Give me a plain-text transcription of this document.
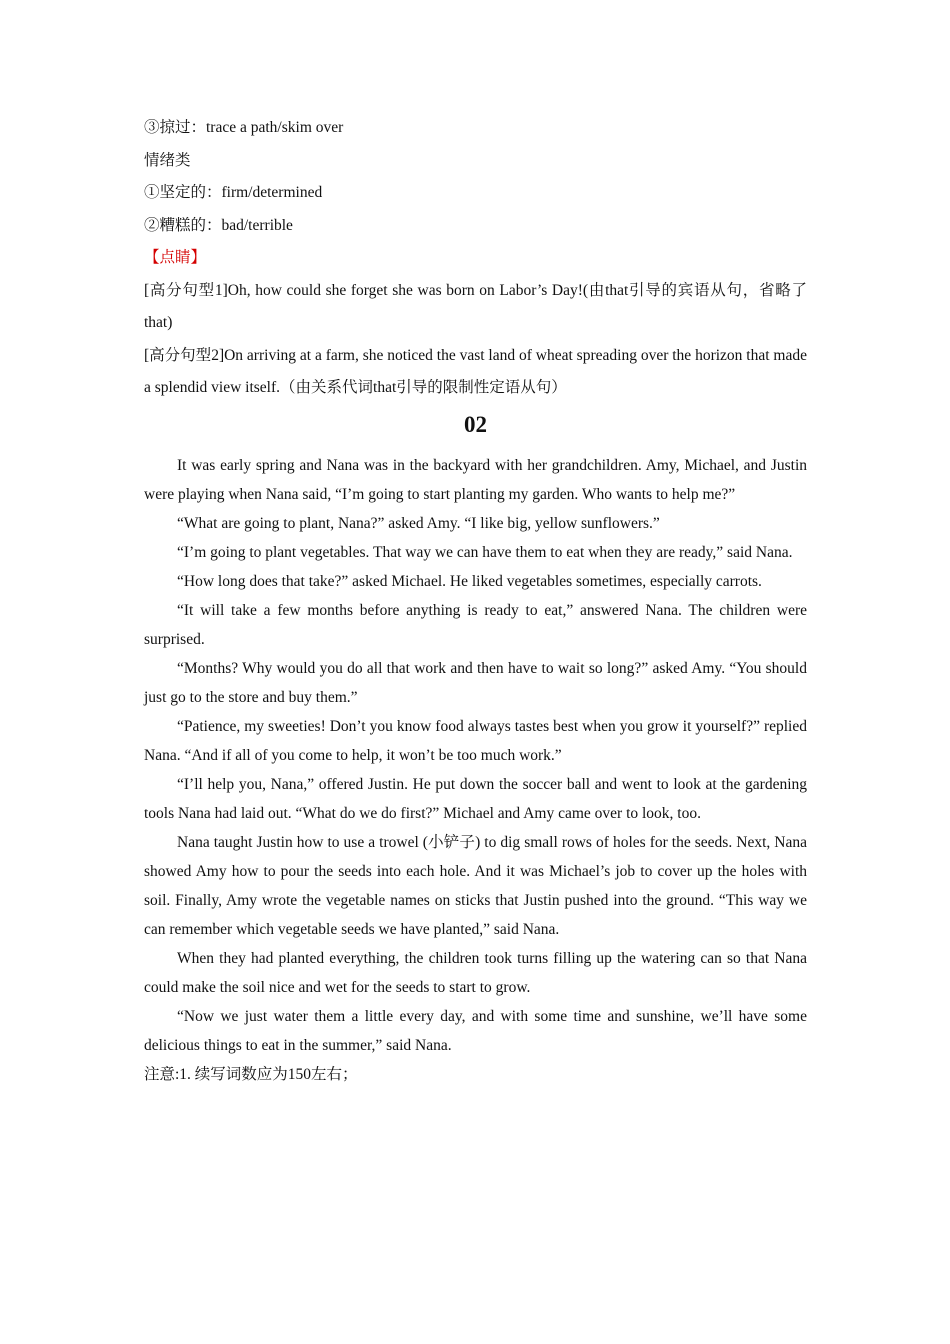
③掠过：trace a path/skim over

情绪类

①坚定的：firm/determined

②糟糕的：bad/terrible

【点睛】

[高分句型1]Oh, how could she forget she was born on Labor’s Day!(由that引导的宾语从句，省略了that)

[高分句型2]On arriving at a farm, she noticed the vast land of wheat spreading over the horizon that made a splendid view itself.（由关系代词that引导的限制性定语从句）

02

It was early spring and Nana was in the backyard with her grandchildren. Amy, Michael, and Justin were playing when Nana said, “I’m going to start planting my garden. Who wants to help me?”

“What are going to plant, Nana?” asked Amy. “I like big, yellow sunflowers.”

“I’m going to plant vegetables. That way we can have them to eat when they are ready,” said Nana.

“How long does that take?” asked Michael. He liked vegetables sometimes, especially carrots.

“It will take a few months before anything is ready to eat,” answered Nana. The children were surprised.

“Months? Why would you do all that work and then have to wait so long?” asked Amy. “You should just go to the store and buy them.”

“Patience, my sweeties! Don’t you know food always tastes best when you grow it yourself?” replied Nana. “And if all of you come to help, it won’t be too much work.”

“I’ll help you, Nana,” offered Justin. He put down the soccer ball and went to look at the gardening tools Nana had laid out. “What do we do first?” Michael and Amy came over to look, too.

Nana taught Justin how to use a trowel (小铲子) to dig small rows of holes for the seeds. Next, Nana showed Amy how to pour the seeds into each hole. And it was Michael’s job to cover up the holes with soil. Finally, Amy wrote the vegetable names on sticks that Justin pushed into the ground. “This way we can remember which vegetable seeds we have planted,” said Nana.

When they had planted everything, the children took turns filling up the watering can so that Nana could make the soil nice and wet for the seeds to start to grow.

“Now we just water them a little every day, and with some time and sunshine, we’ll have some delicious things to eat in the summer,” said Nana.

注意:1. 续写词数应为150左右；
